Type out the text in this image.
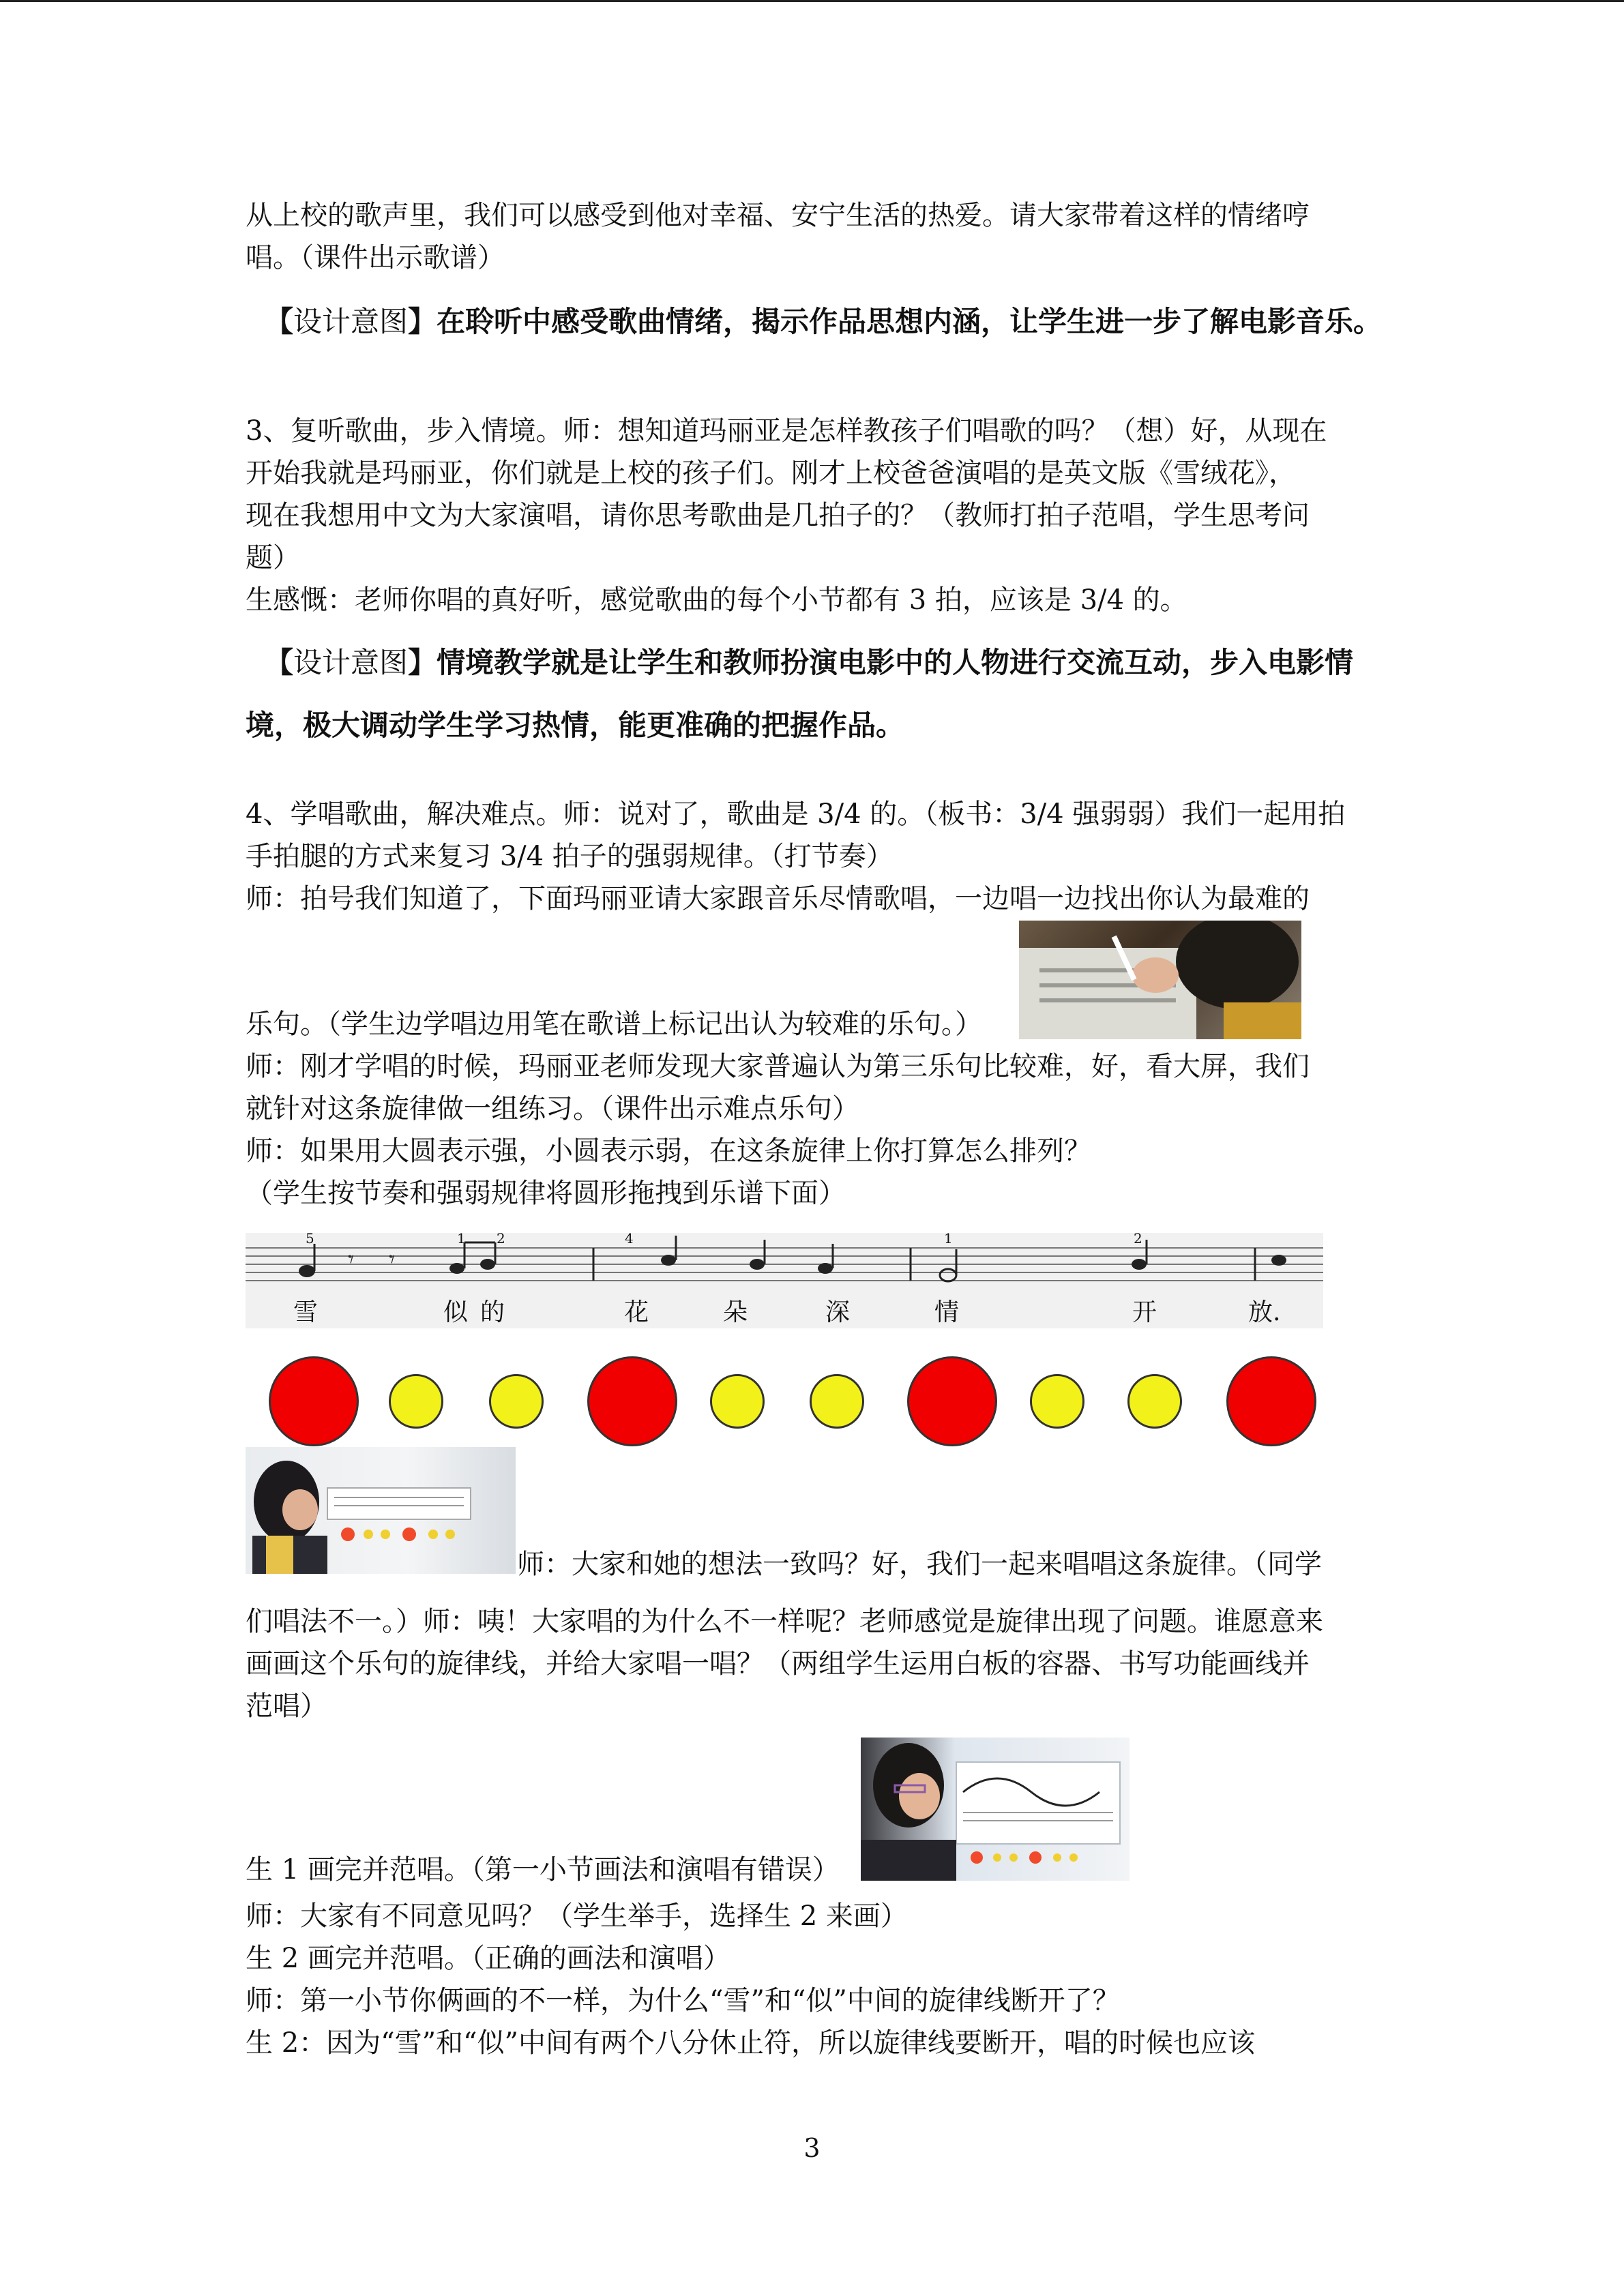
从上校的歌声里，我们可以感受到他对幸福、安宁生活的热爱。请大家带着这样的情绪哼
唱。（课件出示歌谱）
【设计意图】在聆听中感受歌曲情绪，揭示作品思想内涵，让学生进一步了解电影音乐。
3、复听歌曲，步入情境。师：想知道玛丽亚是怎样教孩子们唱歌的吗？（想）好，从现在
开始我就是玛丽亚，你们就是上校的孩子们。刚才上校爸爸演唱的是英文版《雪绒花》，
现在我想用中文为大家演唱，请你思考歌曲是几拍子的？（教师打拍子范唱，学生思考问
题）
生感慨：老师你唱的真好听，感觉歌曲的每个小节都有 3 拍，应该是 3/4 的。
【设计意图】情境教学就是让学生和教师扮演电影中的人物进行交流互动，步入电影情
境，极大调动学生学习热情，能更准确的把握作品。
4、学唱歌曲，解决难点。师：说对了，歌曲是 3/4 的。（板书：3/4 强弱弱）我们一起用拍
手拍腿的方式来复习 3/4 拍子的强弱规律。（打节奏）
师：拍号我们知道了，下面玛丽亚请大家跟音乐尽情歌唱，一边唱一边找出你认为最难的
乐句。（学生边学唱边用笔在歌谱上标记出认为较难的乐句。）
师：刚才学唱的时候，玛丽亚老师发现大家普遍认为第三乐句比较难，好，看大屏，我们
就针对这条旋律做一组练习。（课件出示难点乐句）
师：如果用大圆表示强，小圆表示弱，在这条旋律上你打算怎么排列？
（学生按节奏和强弱规律将圆形拖拽到乐谱下面）
𝄾 𝄾
5	1 2	4	1	2
雪	似的	花	朵	深	情	开	放.
师：大家和她的想法一致吗？好，我们一起来唱唱这条旋律。（同学
们唱法不一。）师：咦！大家唱的为什么不一样呢？老师感觉是旋律出现了问题。谁愿意来
画画这个乐句的旋律线，并给大家唱一唱？（两组学生运用白板的容器、书写功能画线并
范唱）
生 1 画完并范唱。（第一小节画法和演唱有错误）
师：大家有不同意见吗？（学生举手，选择生 2 来画）
生 2 画完并范唱。（正确的画法和演唱）
师：第一小节你俩画的不一样，为什么“雪”和“似”中间的旋律线断开了？
生 2：因为“雪”和“似”中间有两个八分休止符，所以旋律线要断开，唱的时候也应该
3
